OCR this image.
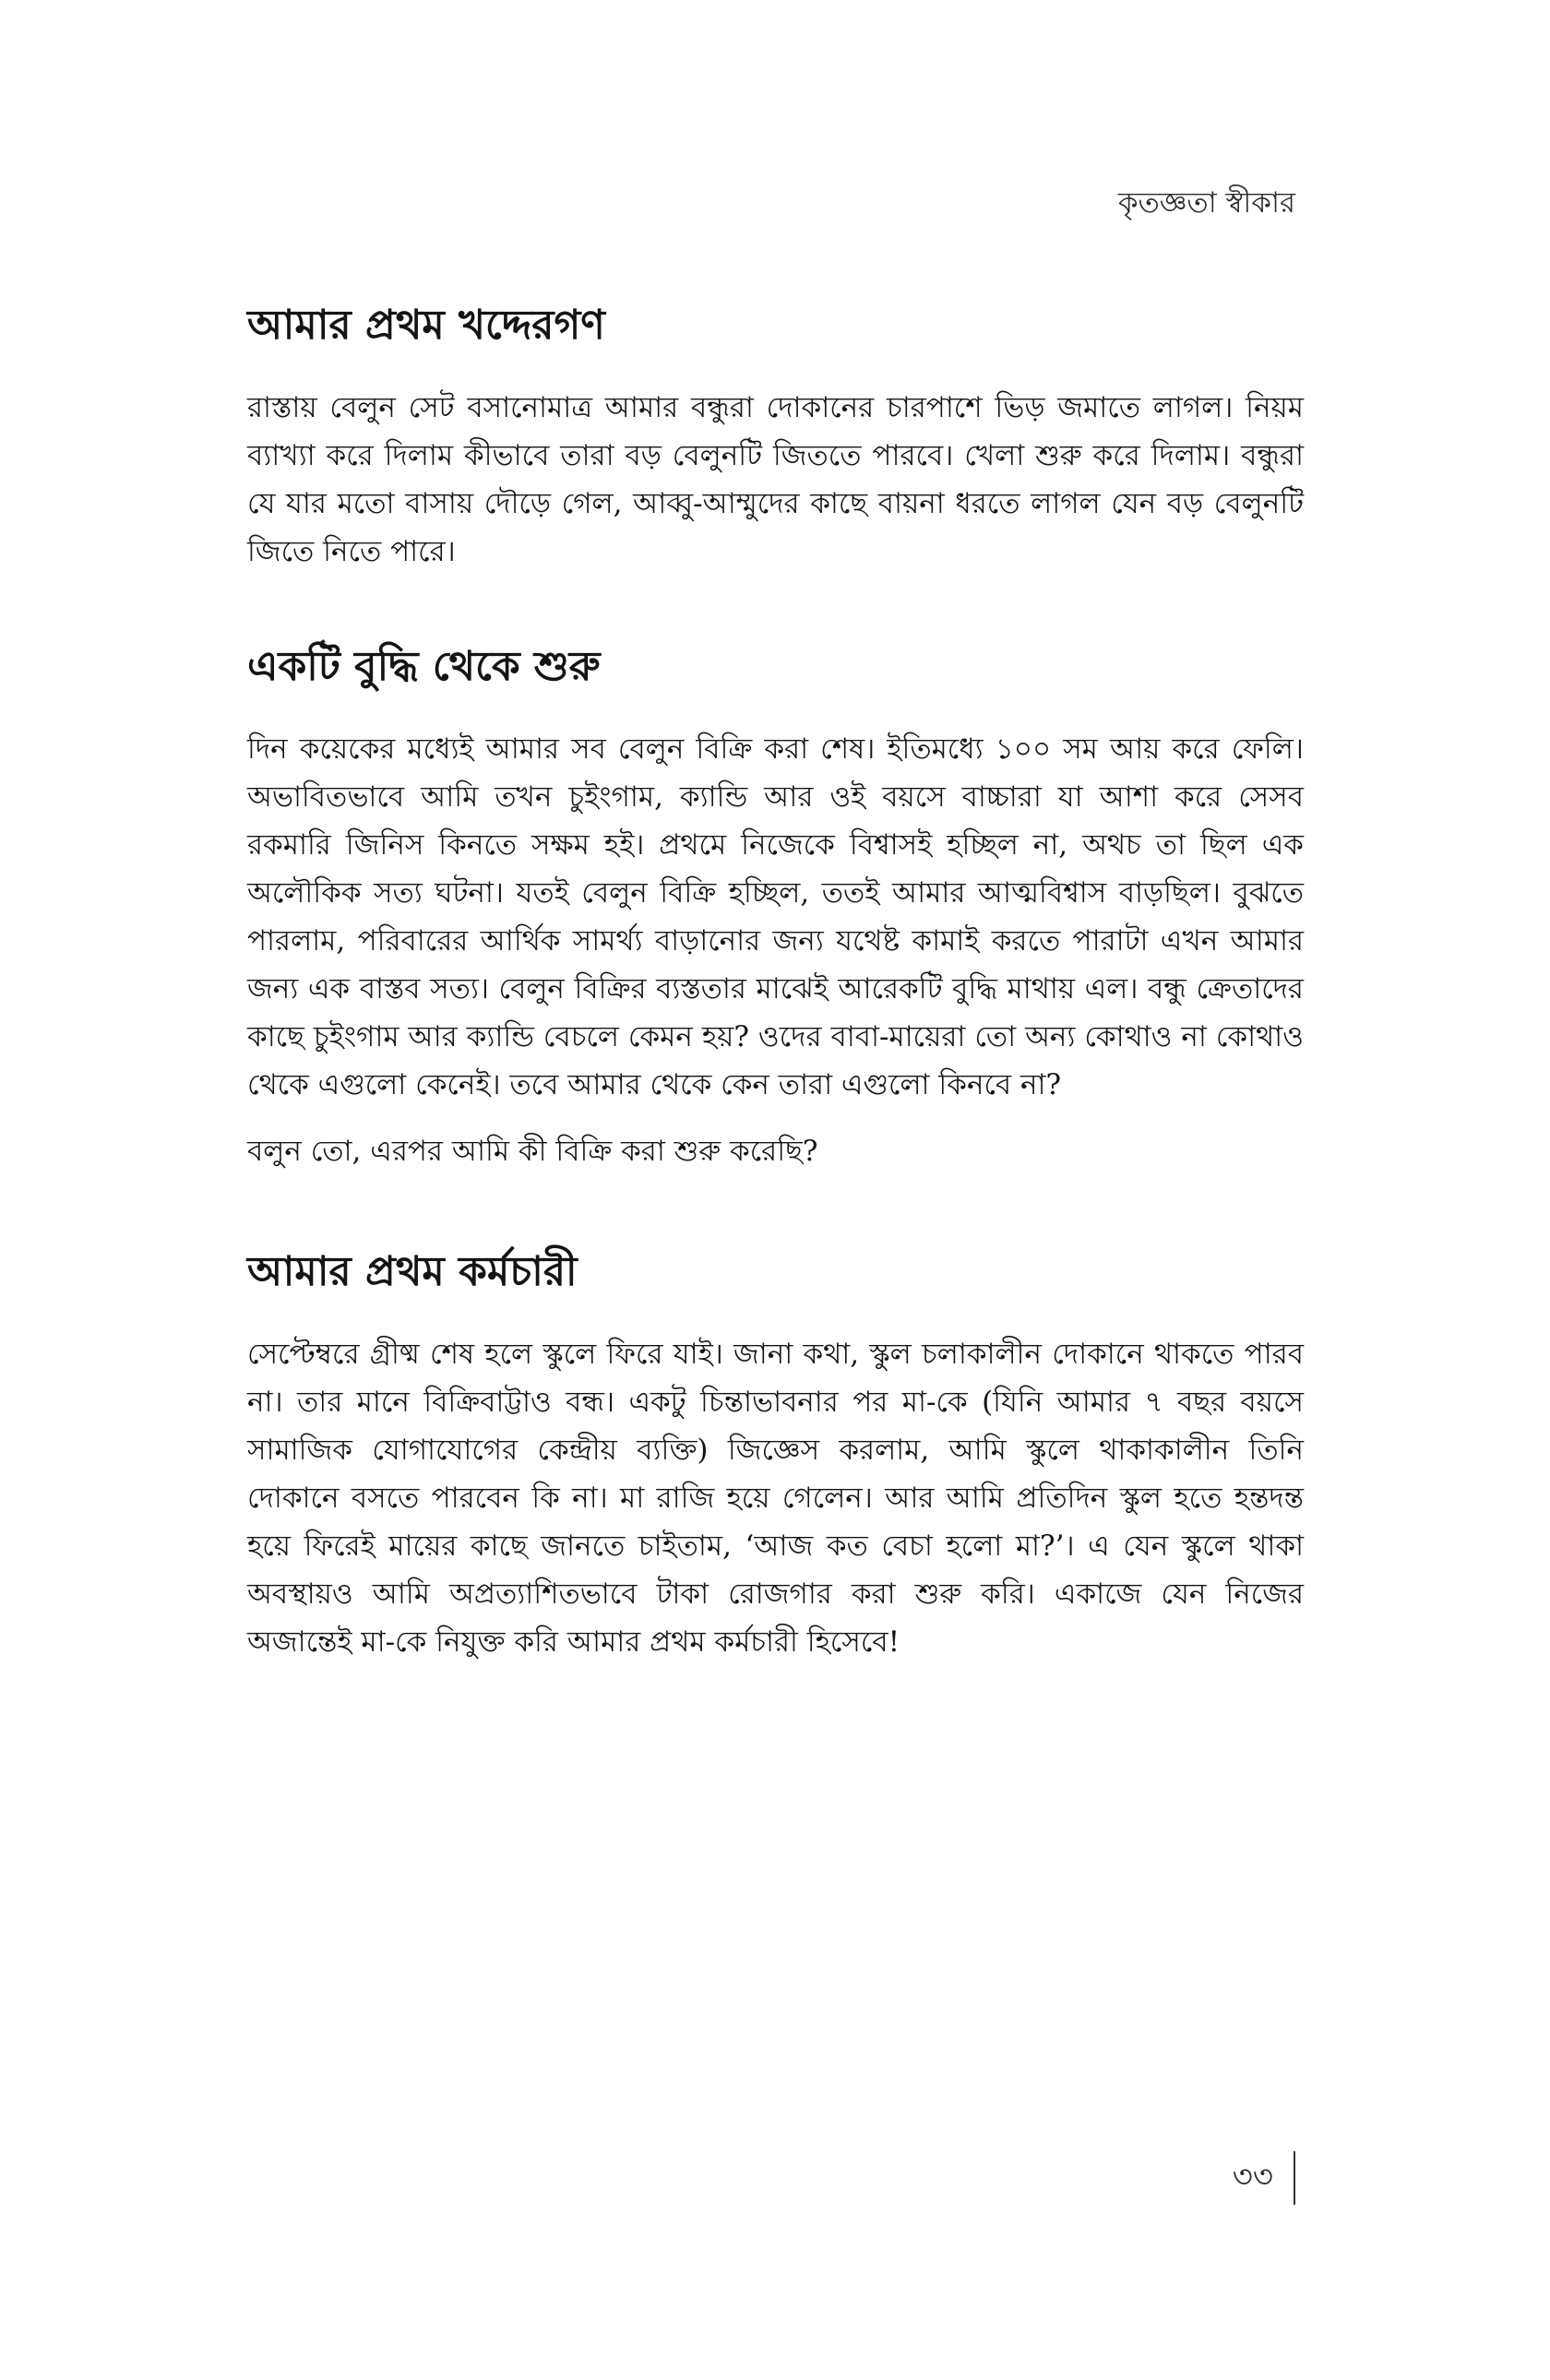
কৃতজ্ঞতা স্বীকার

আমার প্রথম খদ্দেরগণ

রাস্তায় বেলুন সেট বসানোমাত্র আমার বন্ধুরা দোকানের চারপাশে ভিড় জমাতে লাগল। নিয়ম ব্যাখ্যা করে দিলাম কীভাবে তারা বড় বেলুনটি জিততে পারবে। খেলা শুরু করে দিলাম। বন্ধুরা যে যার মতো বাসায় দৌড়ে গেল, আব্বু-আম্মুদের কাছে বায়না ধরতে লাগল যেন বড় বেলুনটি জিতে নিতে পারে।

একটি বুদ্ধি থেকে শুরু

দিন কয়েকের মধ্যেই আমার সব বেলুন বিক্রি করা শেষ। ইতিমধ্যে ১০০ সম আয় করে ফেলি। অভাবিতভাবে আমি তখন চুইংগাম, ক্যান্ডি আর ওই বয়সে বাচ্চারা যা আশা করে সেসব রকমারি জিনিস কিনতে সক্ষম হই। প্রথমে নিজেকে বিশ্বাসই হচ্ছিল না, অথচ তা ছিল এক অলৌকিক সত্য ঘটনা। যতই বেলুন বিক্রি হচ্ছিল, ততই আমার আত্মবিশ্বাস বাড়ছিল। বুঝতে পারলাম, পরিবারের আর্থিক সামর্থ্য বাড়ানোর জন্য যথেষ্ট কামাই করতে পারাটা এখন আমার জন্য এক বাস্তব সত্য। বেলুন বিক্রির ব্যস্ততার মাঝেই আরেকটি বুদ্ধি মাথায় এল। বন্ধু ক্রেতাদের কাছে চুইংগাম আর ক্যান্ডি বেচলে কেমন হয়? ওদের বাবা-মায়েরা তো অন্য কোথাও না কোথাও থেকে এগুলো কেনেই। তবে আমার থেকে কেন তারা এগুলো কিনবে না?

বলুন তো, এরপর আমি কী বিক্রি করা শুরু করেছি?

আমার প্রথম কর্মচারী

সেপ্টেম্বরে গ্রীষ্ম শেষ হলে স্কুলে ফিরে যাই। জানা কথা, স্কুল চলাকালীন দোকানে থাকতে পারব না। তার মানে বিক্রিবাট্টাও বন্ধ। একটু চিন্তাভাবনার পর মা-কে (যিনি আমার ৭ বছর বয়সে সামাজিক যোগাযোগের কেন্দ্রীয় ব্যক্তি) জিজ্ঞেস করলাম, আমি স্কুলে থাকাকালীন তিনি দোকানে বসতে পারবেন কি না। মা রাজি হয়ে গেলেন। আর আমি প্রতিদিন স্কুল হতে হন্তদন্ত হয়ে ফিরেই মায়ের কাছে জানতে চাইতাম, ‘আজ কত বেচা হলো মা?’। এ যেন স্কুলে থাকা অবস্থায়ও আমি অপ্রত্যাশিতভাবে টাকা রোজগার করা শুরু করি। একাজে যেন নিজের অজান্তেই মা-কে নিযুক্ত করি আমার প্রথম কর্মচারী হিসেবে!

৩৩
